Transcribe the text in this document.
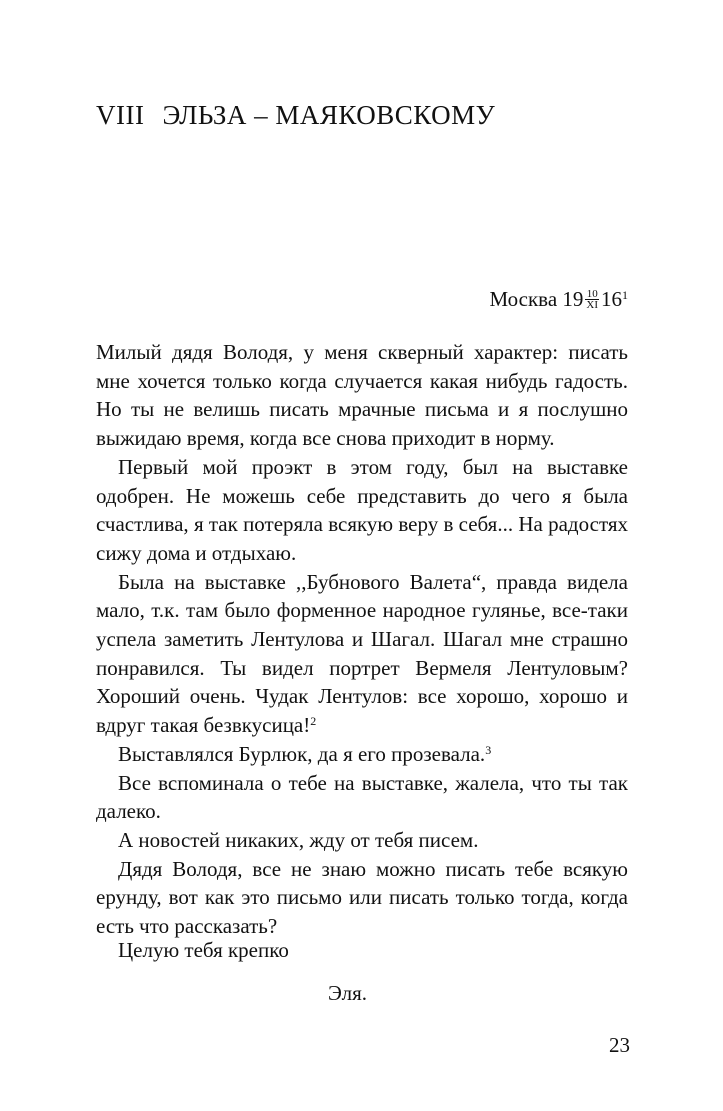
VIII ЭЛЬЗА – МАЯКОВСКОМУ
Москва $19 \frac{10}{XI} 16^1$

Милый дядя Володя, у меня скверный характер: писать мне хочется только когда случается какая нибудь гадость. Но ты не велишь писать мрачные письма и я послушно выжидаю время, когда все снова приходит в норму.

Первый мой проэкт в этом году, был на выставке одобрен. Не можешь себе представить до чего я была счастлива, я так потеряла всякую веру в себя... На радостях сижу дома и отдыхаю.

Была на выставке ,,Бубнового Валета“, правда видела мало, т.к. там было форменное народное гулянье, все-таки успела заметить Лентулова и Шагал. Шагал мне страшно понравился. Ты видел портрет Вермеля Лентуловым? Хороший очень. Чудак Лентулов: все хорошо, хорошо и вдруг такая безвкусица!$^2$

Выставлялся Бурлюк, да я его прозевала.$^3$

Все вспоминала о тебе на выставке, жалела, что ты так далеко.

А новостей никаких, жду от тебя писем.

Дядя Володя, все не знаю можно писать тебе всякую ерунду, вот как это письмо или писать только тогда, когда есть что рассказать?

Целую тебя крепко
Эля.
23
